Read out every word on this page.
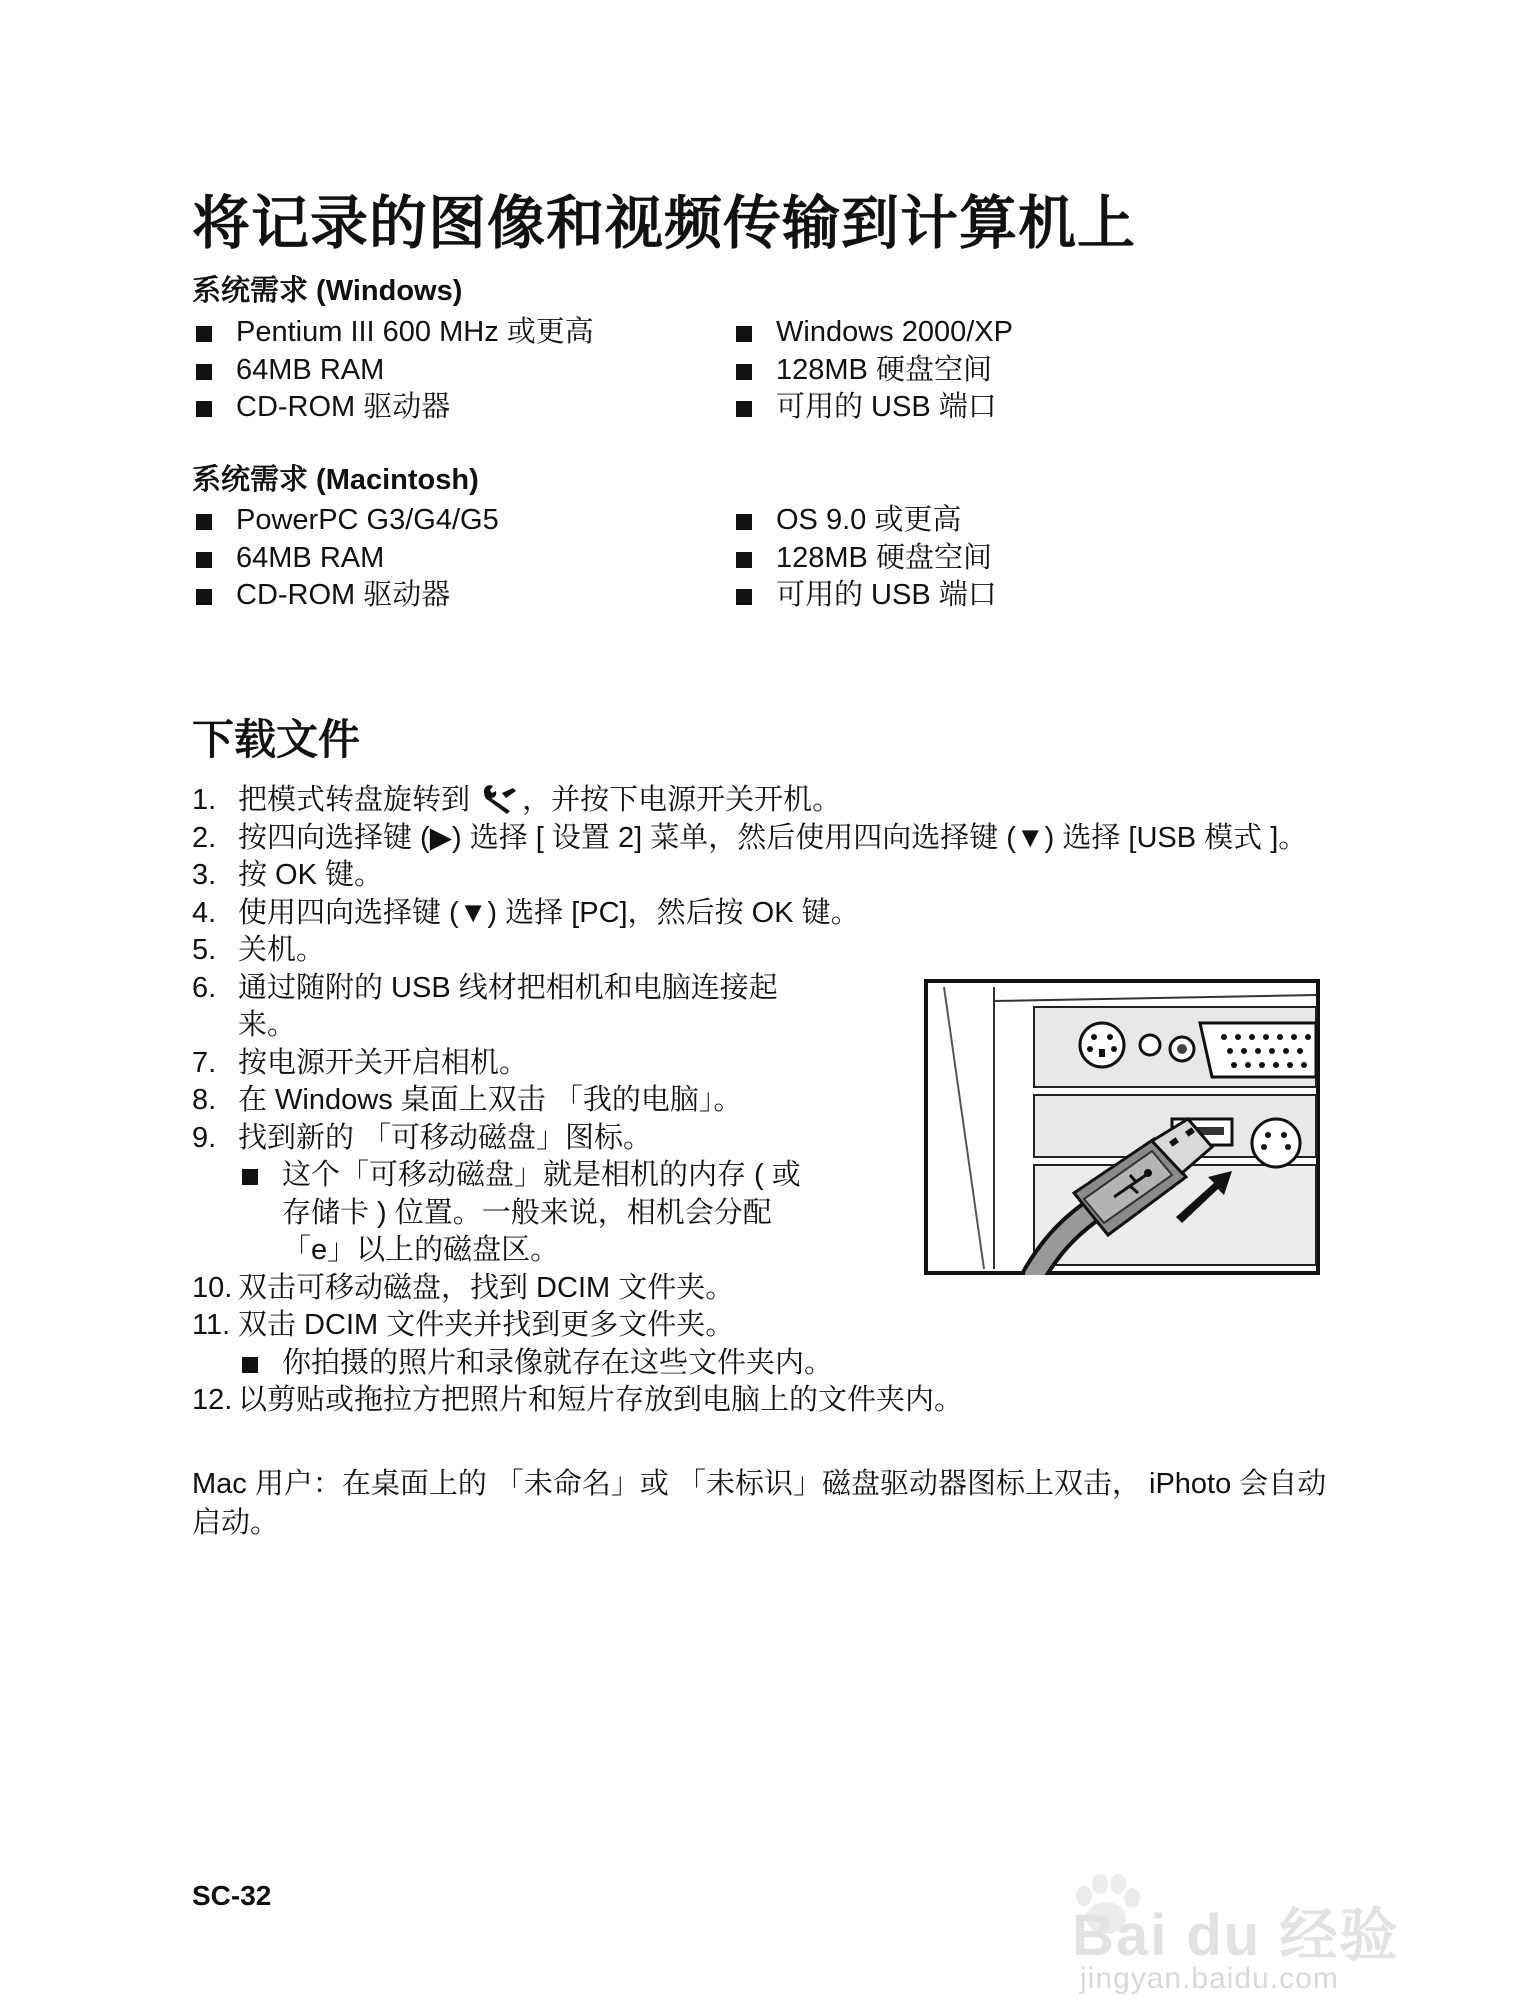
将记录的图像和视频传输到计算机上
系统需求 (Windows)
Pentium III 600 MHz 或更高
64MB RAM
CD-ROM 驱动器
Windows 2000/XP
128MB 硬盘空间
可用的 USB 端口
系统需求 (Macintosh)
PowerPC G3/G4/G5
64MB RAM
CD-ROM 驱动器
OS 9.0 或更高
128MB 硬盘空间
可用的 USB 端口
下载文件
1. 把模式转盘旋转到 ，并按下电源开关开机。
2. 按四向选择键 (▶) 选择 [ 设置 2] 菜单，然后使用四向选择键 (▼) 选择 [USB 模式 ]。
3. 按 OK 键。
4. 使用四向选择键 (▼) 选择 [PC]，然后按 OK 键。
5. 关机。
6. 通过随附的 USB 线材把相机和电脑连接起
来。
7. 按电源开关开启相机。
8. 在 Windows 桌面上双击 「我的电脑」。
9. 找到新的 「可移动磁盘」图标。
这个「可移动磁盘」就是相机的内存 ( 或
存储卡 ) 位置。一般来说，相机会分配
「e」以上的磁盘区。
10. 双击可移动磁盘，找到 DCIM 文件夹。
11. 双击 DCIM 文件夹并找到更多文件夹。
你拍摄的照片和录像就存在这些文件夹内。
12. 以剪贴或拖拉方把照片和短片存放到电脑上的文件夹内。

Mac 用户：在桌面上的 「未命名」或 「未标识」磁盘驱动器图标上双击， iPhoto 会自动启动。

SC-32
Bai du 经验
jingyan.baidu.com
